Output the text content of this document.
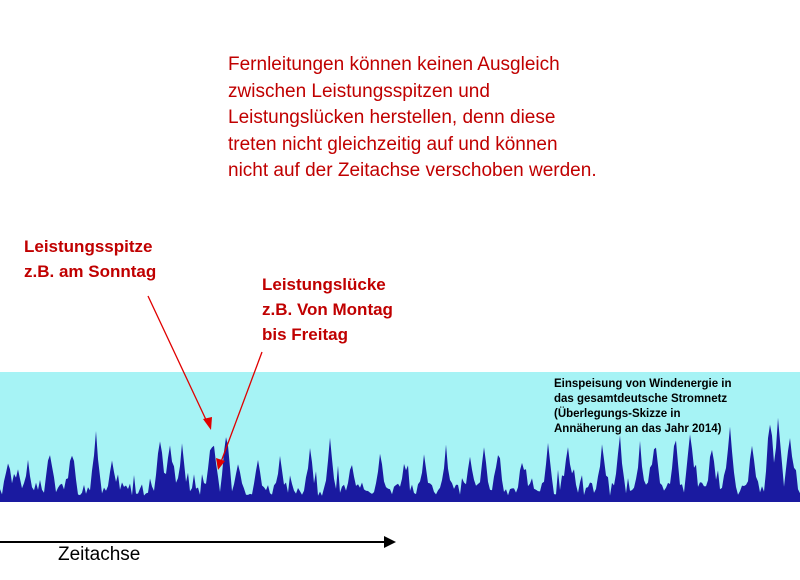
Fernleitungen können keinen Ausgleich
zwischen Leistungsspitzen und
Leistungslücken herstellen, denn diese
treten nicht gleichzeitig auf und können
nicht auf der Zeitachse verschoben werden.
Leistungsspitze
z.B. am Sonntag
Leistungslücke
z.B. Von Montag
bis Freitag
Einspeisung von Windenergie in
das gesamtdeutsche Stromnetz
(Überlegungs-Skizze in
Annäherung an das Jahr 2014)
Zeitachse
